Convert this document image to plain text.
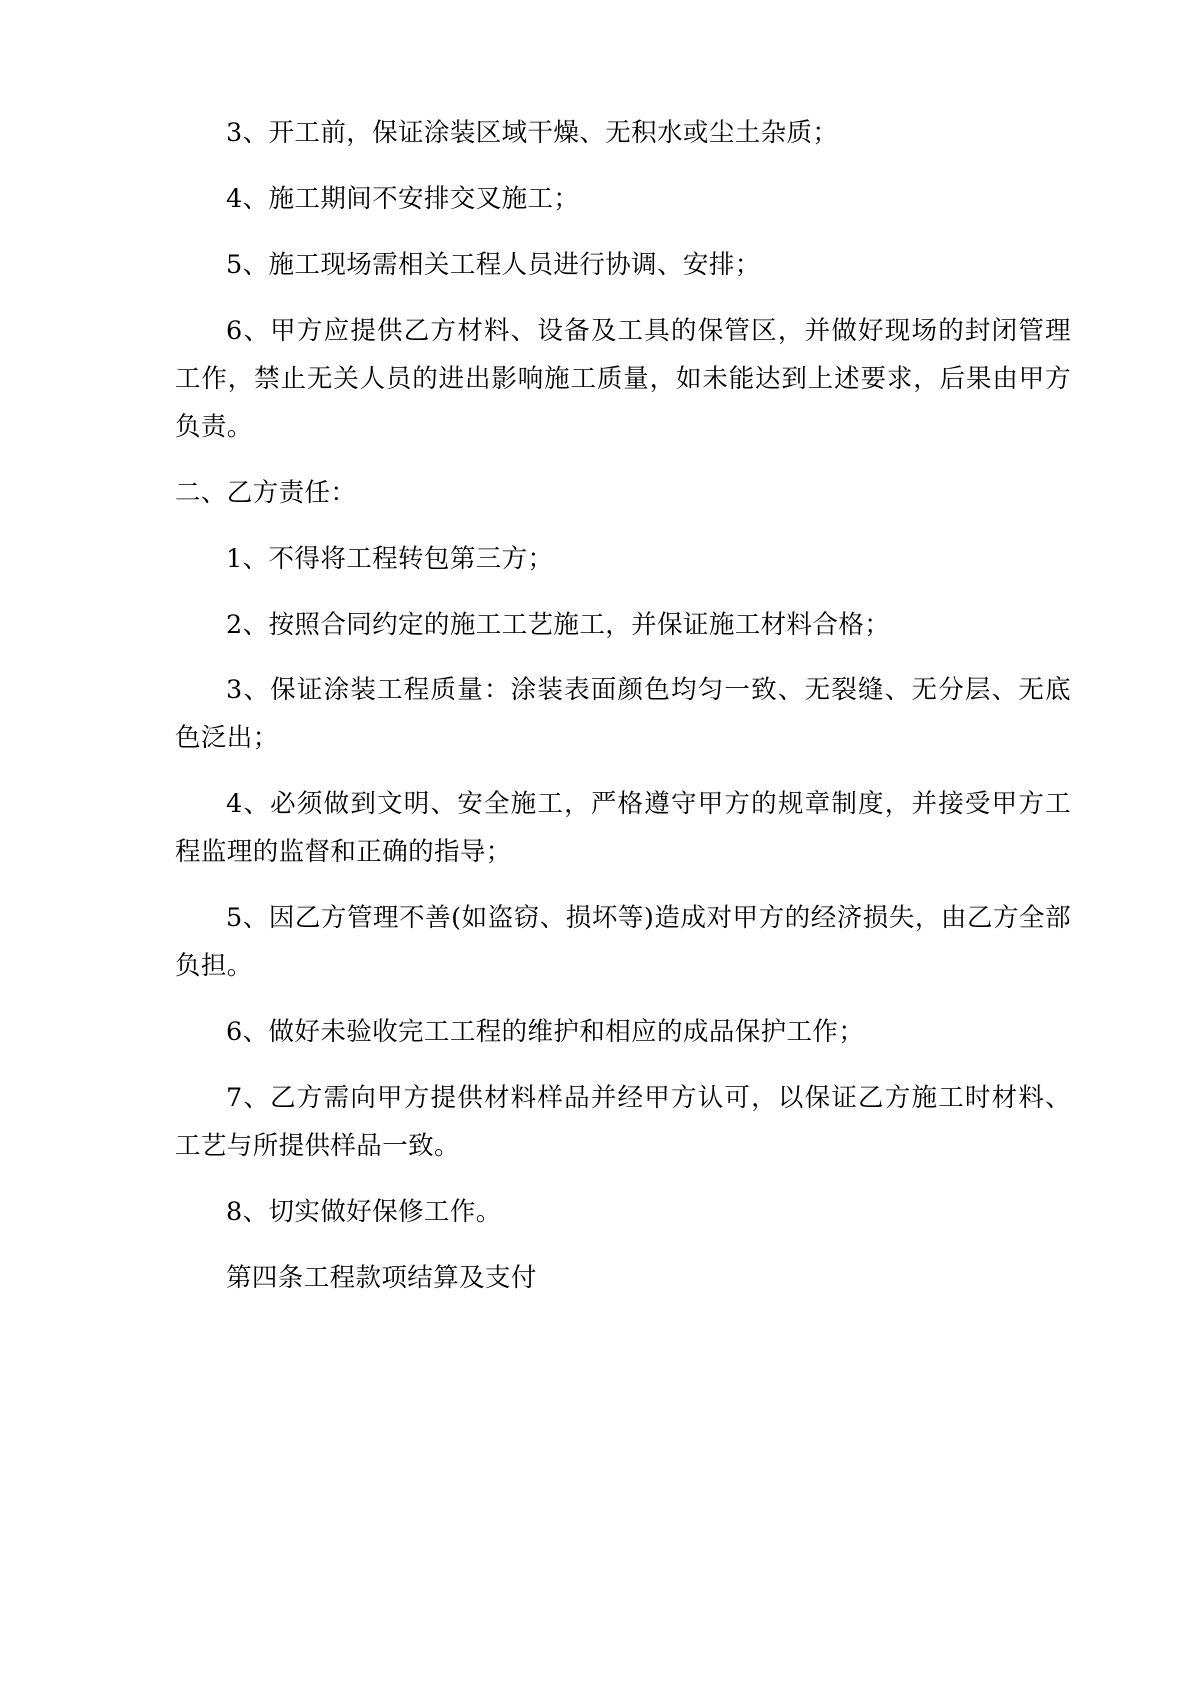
3、开工前，保证涂装区域干燥、无积水或尘土杂质；

4、施工期间不安排交叉施工；

5、施工现场需相关工程人员进行协调、安排；

6、甲方应提供乙方材料、设备及工具的保管区，并做好现场的封闭管理工作，禁止无关人员的进出影响施工质量，如未能达到上述要求，后果由甲方负责。

二、乙方责任：

1、不得将工程转包第三方；

2、按照合同约定的施工工艺施工，并保证施工材料合格；

3、保证涂装工程质量：涂装表面颜色均匀一致、无裂缝、无分层、无底色泛出；

4、必须做到文明、安全施工，严格遵守甲方的规章制度，并接受甲方工程监理的监督和正确的指导；

5、因乙方管理不善(如盗窃、损坏等)造成对甲方的经济损失，由乙方全部负担。

6、做好未验收完工工程的维护和相应的成品保护工作；

7、乙方需向甲方提供材料样品并经甲方认可，以保证乙方施工时材料、工艺与所提供样品一致。

8、切实做好保修工作。

第四条工程款项结算及支付
